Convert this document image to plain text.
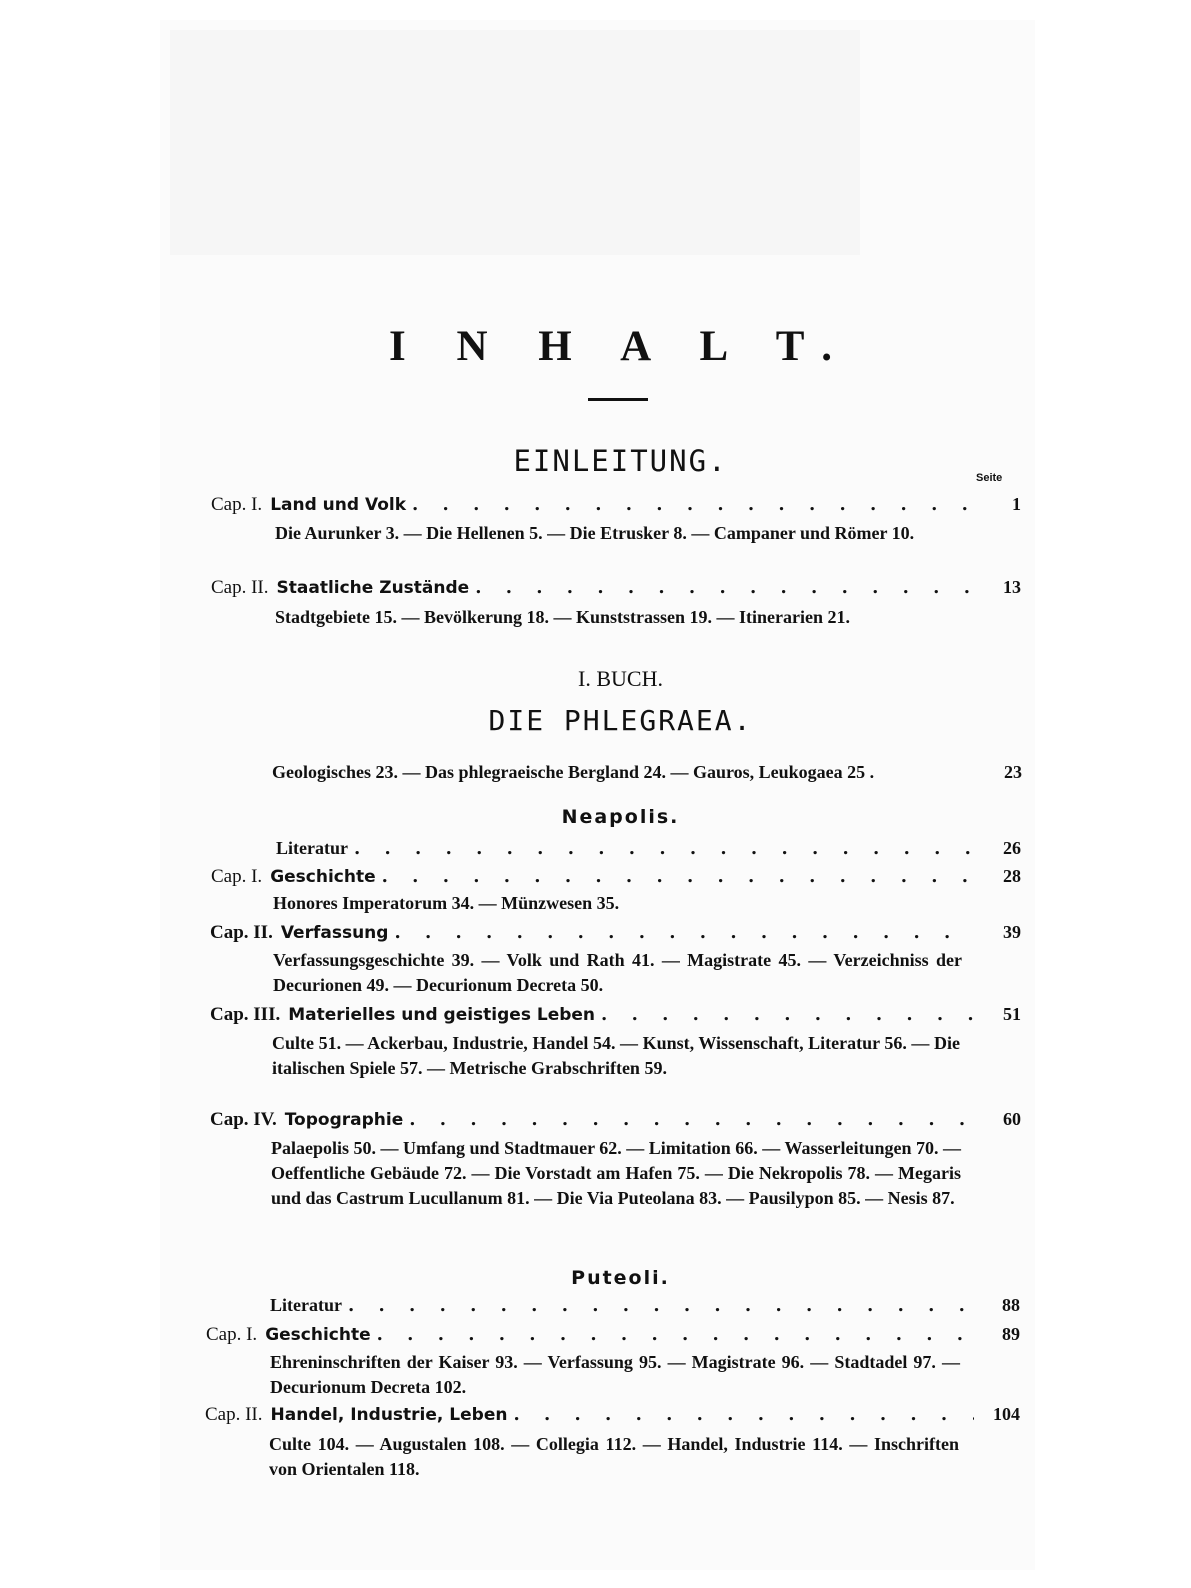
I N H A L T.
EINLEITUNG.	Seite
Cap. I. Land und Volk . . .	1
Die Aurunker 3. — Die Hellenen 5. — Die Etrusker 8. — Campaner und Römer 10.
Cap. II. Staatliche Zustände . . .	13
Stadtgebiete 15. — Bevölkerung 18. — Kunststrassen 19. — Itinerarien 21.
I. BUCH.
DIE PHLEGRAEA.
Geologisches 23. — Das phlegraeische Bergland 24. — Gauros, Leukogaea 25 .	23
Neapolis.
Literatur . . .	26
Cap. I. Geschichte . . .	28
Honores Imperatorum 34. — Münzwesen 35.
Cap. II. Verfassung . . .	39
Verfassungsgeschichte 39. — Volk und Rath 41. — Magistrate 45. — Verzeichniss der Decurionen 49. — Decurionum Decreta 50.
Cap. III. Materielles und geistiges Leben . . .	51
Culte 51. — Ackerbau, Industrie, Handel 54. — Kunst, Wissenschaft, Literatur 56. — Die italischen Spiele 57. — Metrische Grabschriften 59.
Cap. IV. Topographie . . .	60
Palaepolis 50. — Umfang und Stadtmauer 62. — Limitation 66. — Wasserleitungen 70. — Oeffentliche Gebäude 72. — Die Vorstadt am Hafen 75. — Die Nekropolis 78. — Megaris und das Castrum Lucullanum 81. — Die Via Puteolana 83. — Pausilypon 85. — Nesis 87.
Puteoli.
Literatur . . .	88
Cap. I. Geschichte . . .	89
Ehreninschriften der Kaiser 93. — Verfassung 95. — Magistrate 96. — Stadtadel 97. — Decurionum Decreta 102.
Cap. II. Handel, Industrie, Leben . . .	104
Culte 104. — Augustalen 108. — Collegia 112. — Handel, Industrie 114. — Inschriften von Orientalen 118.
